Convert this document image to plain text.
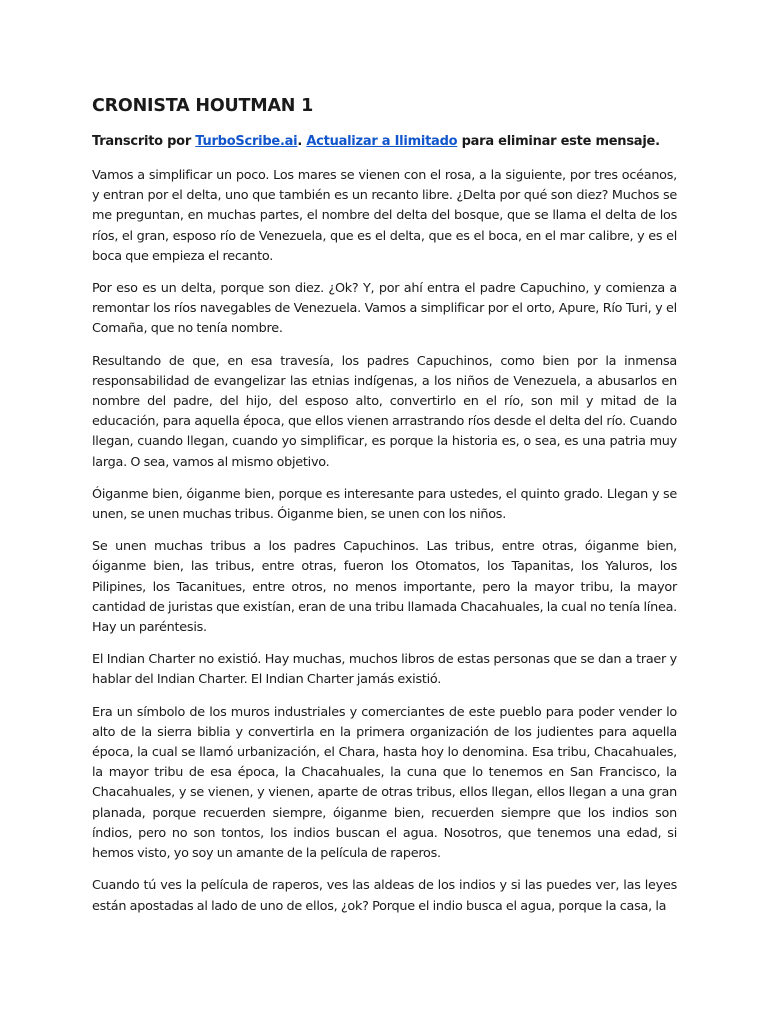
CRONISTA HOUTMAN 1

Transcrito por TurboScribe.ai. Actualizar a Ilimitado para eliminar este mensaje.

Vamos a simplificar un poco. Los mares se vienen con el rosa, a la siguiente, por tres océanos, y entran por el delta, uno que también es un recanto libre. ¿Delta por qué son diez? Muchos se me preguntan, en muchas partes, el nombre del delta del bosque, que se llama el delta de los ríos, el gran, esposo río de Venezuela, que es el delta, que es el boca, en el mar calibre, y es el boca que empieza el recanto.

Por eso es un delta, porque son diez. ¿Ok? Y, por ahí entra el padre Capuchino, y comienza a remontar los ríos navegables de Venezuela. Vamos a simplificar por el orto, Apure, Río Turi, y el Comaña, que no tenía nombre.

Resultando de que, en esa travesía, los padres Capuchinos, como bien por la inmensa responsabilidad de evangelizar las etnias indígenas, a los niños de Venezuela, a abusarlos en nombre del padre, del hijo, del esposo alto, convertirlo en el río, son mil y mitad de la educación, para aquella época, que ellos vienen arrastrando ríos desde el delta del río. Cuando llegan, cuando llegan, cuando yo simplificar, es porque la historia es, o sea, es una patria muy larga. O sea, vamos al mismo objetivo.

Óiganme bien, óiganme bien, porque es interesante para ustedes, el quinto grado. Llegan y se unen, se unen muchas tribus. Óiganme bien, se unen con los niños.

Se unen muchas tribus a los padres Capuchinos. Las tribus, entre otras, óiganme bien, óiganme bien, las tribus, entre otras, fueron los Otomatos, los Tapanitas, los Yaluros, los Pilipines, los Tacanitues, entre otros, no menos importante, pero la mayor tribu, la mayor cantidad de juristas que existían, eran de una tribu llamada Chacahuales, la cual no tenía línea. Hay un paréntesis.

El Indian Charter no existió. Hay muchas, muchos libros de estas personas que se dan a traer y hablar del Indian Charter. El Indian Charter jamás existió.

Era un símbolo de los muros industriales y comerciantes de este pueblo para poder vender lo alto de la sierra biblia y convertirla en la primera organización de los judientes para aquella época, la cual se llamó urbanización, el Chara, hasta hoy lo denomina. Esa tribu, Chacahuales, la mayor tribu de esa época, la Chacahuales, la cuna que lo tenemos en San Francisco, la Chacahuales, y se vienen, y vienen, aparte de otras tribus, ellos llegan, ellos llegan a una gran planada, porque recuerden siempre, óiganme bien, recuerden siempre que los indios son índios, pero no son tontos, los indios buscan el agua. Nosotros, que tenemos una edad, si hemos visto, yo soy un amante de la película de raperos.

Cuando tú ves la película de raperos, ves las aldeas de los indios y si las puedes ver, las leyes están apostadas al lado de uno de ellos, ¿ok? Porque el indio busca el agua, porque la casa, la
